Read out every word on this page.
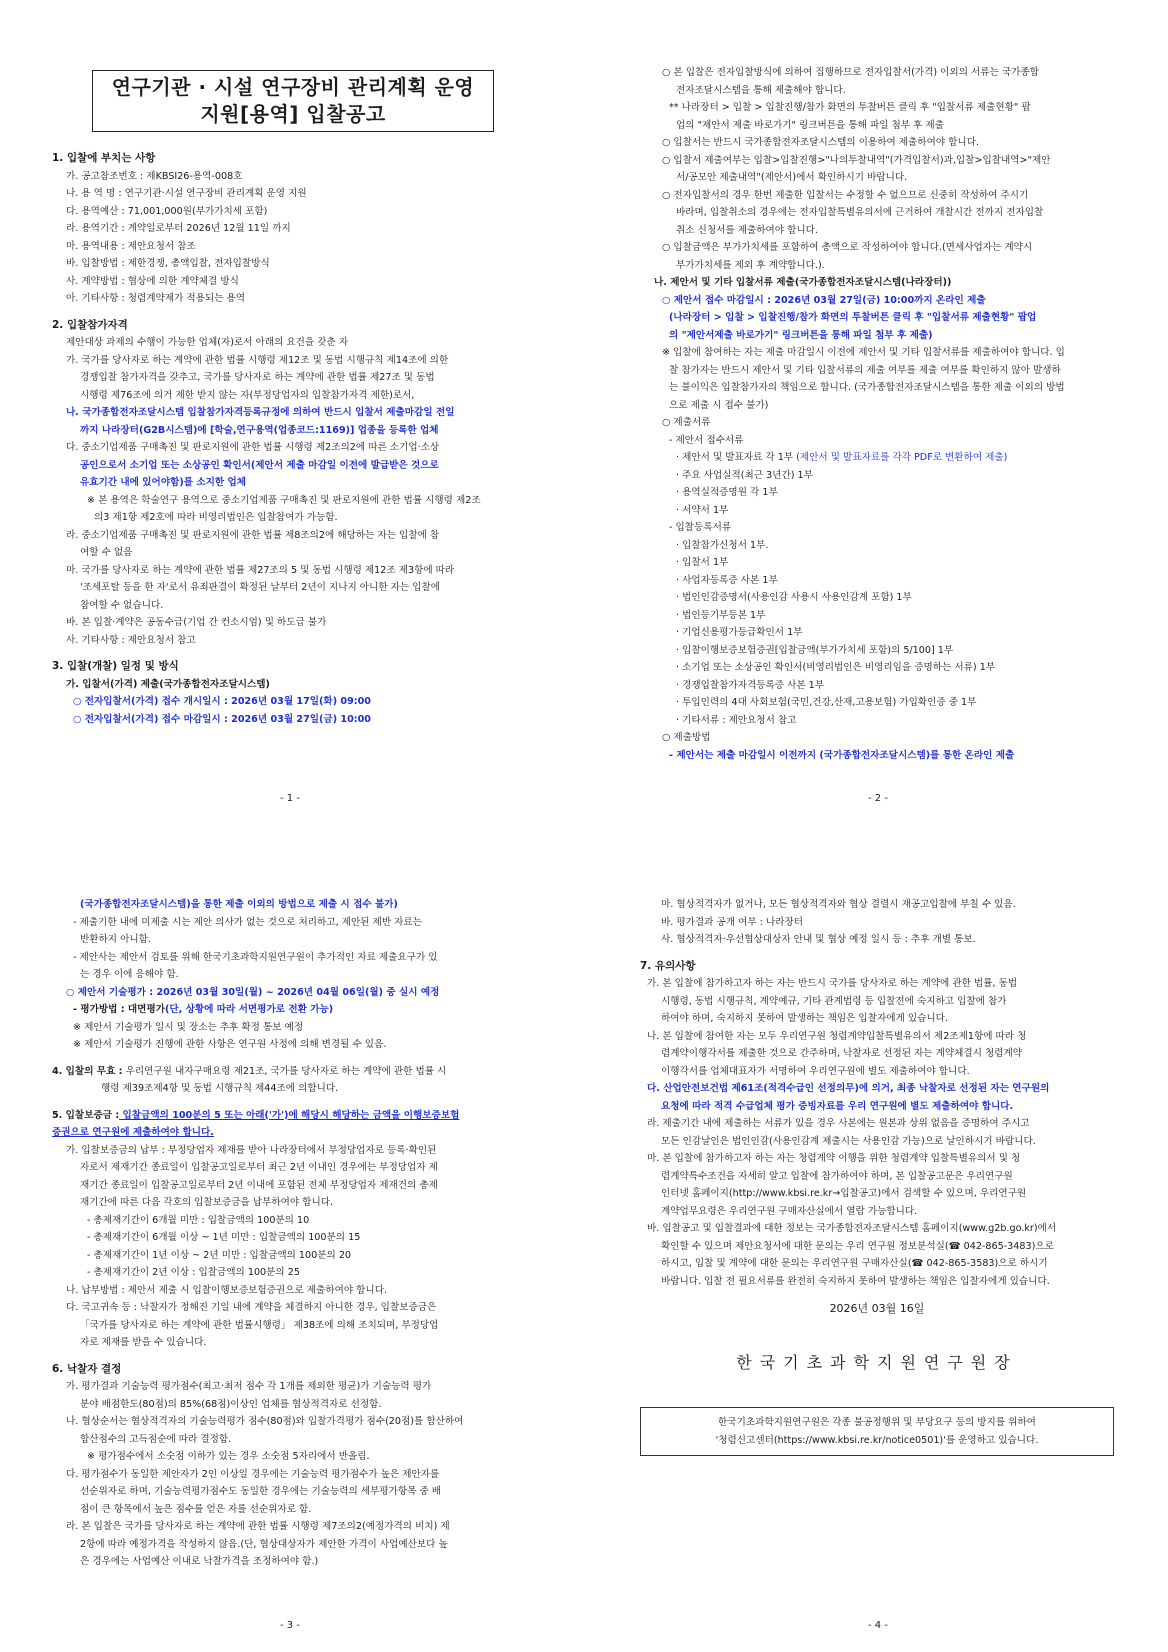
연구기관 · 시설 연구장비 관리계획 운영
지원[용역] 입찰공고
1. 입찰에 부치는 사항
가. 공고참조번호 : 제KBSI26-용역-008호
나. 용 역 명 : 연구기관·시설 연구장비 관리계획 운영 지원
다. 용역예산 : 71,001,000원(부가가치세 포함)
라. 용역기간 : 계약일로부터 2026년 12월 11일 까지
마. 용역내용 : 제안요청서 참조
바. 입찰방법 : 제한경쟁, 총액입찰, 전자입찰방식
사. 계약방법 : 협상에 의한 계약체결 방식
아. 기타사항 : 청렴계약제가 적용되는 용역
2. 입찰참가자격
제안대상 과제의 수행이 가능한 업체(자)로서 아래의 요건을 갖춘 자
가. 국가를 당사자로 하는 계약에 관한 법률 시행령 제12조 및 동법 시행규칙 제14조에 의한
경쟁입찰 참가자격을 갖추고, 국가를 당사자로 하는 계약에 관한 법률 제27조 및 동법
시행령 제76조에 의거 제한 받지 않는 자(부정당업자의 입찰참가자격 제한)로서,
나. 국가종합전자조달시스템 입찰참가자격등록규정에 의하여 반드시 입찰서 제출마감일 전일
까지 나라장터(G2B시스템)에 [학술,연구용역(업종코드:1169)] 업종을 등록한 업체
다. 중소기업제품 구매촉진 및 판로지원에 관한 법률 시행령 제2조의2에 따른 소기업·소상
공인으로서 소기업 또는 소상공인 확인서(제안서 제출 마감일 이전에 발급받은 것으로
유효기간 내에 있어야함)를 소지한 업체
※ 본 용역은 학술연구 용역으로 중소기업제품 구매촉진 및 판로지원에 관한 법률 시행령 제2조
의3 제1항 제2호에 따라 비영리법인은 입찰참여가 가능함.
라. 중소기업제품 구매촉진 및 판로지원에 관한 법률 제8조의2에 해당하는 자는 입찰에 참
여할 수 없음
마. 국가를 당사자로 하는 계약에 관한 법률 제27조의 5 및 동법 시행령 제12조 제3항에 따라
'조세포탈 등을 한 자'로서 유죄판결이 확정된 날부터 2년이 지나지 아니한 자는 입찰에
참여할 수 없습니다.
바. 본 입찰·계약은 공동수급(기업 간 컨소시엄) 및 하도급 불가
사. 기타사항 : 제안요청서 참고
3. 입찰(개찰) 일정 및 방식
가. 입찰서(가격) 제출(국가종합전자조달시스템)
○ 전자입찰서(가격) 접수 개시일시 : 2026년 03월 17일(화) 09:00
○ 전자입찰서(가격) 접수 마감일시 : 2026년 03월 27일(금) 10:00
○ 본 입찰은 전자입찰방식에 의하여 집행하므로 전자입찰서(가격) 이외의 서류는 국가종합
전자조달시스템을 통해 제출해야 합니다.
** 나라장터 > 입찰 > 입찰진행/참가 화면의 투찰버튼 클릭 후 "입찰서류 제출현황" 팝
업의 "제안서 제출 바로가기" 링크버튼을 통해 파일 첨부 후 제출
○ 입찰서는 반드시 국가종합전자조달시스템의 이용하여 제출하여야 합니다.
○ 입찰서 제출여부는 입찰>입찰진행>"나의투찰내역"(가격입찰서)과,입찰>입찰내역>"제안
서/공모안 제출내역"(제안서)에서 확인하시기 바랍니다.
○ 전자입찰서의 경우 한번 제출한 입찰서는 수정할 수 없으므로 신중히 작성하여 주시기
바라며, 입찰취소의 경우에는 전자입찰특별유의서에 근거하여 개찰시간 전까지 전자입찰
취소 신청서를 제출하여야 합니다.
○ 입찰금액은 부가가치세를 포함하여 총액으로 작성하여야 합니다.(면세사업자는 계약시
부가가치세를 제외 후 계약합니다.).
나. 제안서 및 기타 입찰서류 제출(국가종합전자조달시스템(나라장터))
○ 제안서 접수 마감일시 : 2026년 03월 27일(금) 10:00까지 온라인 제출
(나라장터 > 입찰 > 입찰진행/참가 화면의 투찰버튼 클릭 후 "입찰서류 제출현황" 팝업
의 "제안서제출 바로가기" 링크버튼을 통해 파일 첨부 후 제출)
※ 입찰에 참여하는 자는 제출 마감일시 이전에 제안서 및 기타 입찰서류를 제출하여야 합니다. 입
찰 참가자는 반드시 제안서 및 기타 입찰서류의 제출 여부를 제출 여부를 확인하지 않아 발생하
는 불이익은 입찰참가자의 책임으로 합니다. (국가종합전자조달시스템을 통한 제출 이외의 방법
으로 제출 시 접수 불가)
○ 제출서류
- 제안서 접수서류
· 제안서 및 발표자료 각 1부 (제안서 및 발표자료를 각각 PDF로 변환하여 제출)
· 주요 사업실적(최근 3년간) 1부
· 용역실적증명원 각 1부
· 서약서 1부
- 입찰등록서류
· 입찰참가신청서 1부.
· 입찰서 1부
· 사업자등록증 사본 1부
· 법인인감증명서(사용인감 사용시 사용인감계 포함) 1부
· 법인등기부등본 1부
· 기업신용평가등급확인서 1부
· 입찰이행보증보험증권[입찰금액(부가가치세 포함)의 5/100] 1부
· 소기업 또는 소상공인 확인서(비영리법인은 비영리임을 증명하는 서류) 1부
· 경쟁입찰참가자격등록증 사본 1부
· 투입인력의 4대 사회보험(국민,건강,산재,고용보험) 가입확인증 중 1부
· 기타서류 : 제안요청서 참고
○ 제출방법
- 제안서는 제출 마감일시 이전까지 (국가종합전자조달시스템)를 통한 온라인 제출
(국가종합전자조달시스템)을 통한 제출 이외의 방법으로 제출 시 접수 불가)
- 제출기한 내에 미제출 시는 제안 의사가 없는 것으로 처리하고, 제안된 제반 자료는
반환하지 아니함.
- 제안사는 제안서 검토를 위해 한국기초과학지원연구원이 추가적인 자료 제출요구가 있
는 경우 이에 응해야 함.
○ 제안서 기술평가 : 2026년 03월 30일(월) ~ 2026년 04월 06일(월) 중 실시 예정
- 평가방법 : 대면평가(단, 상황에 따라 서면평가로 전환 가능)
※ 제안서 기술평가 일시 및 장소는 추후 확정 통보 예정
※ 제안서 기술평가 진행에 관한 사항은 연구원 사정에 의해 변경될 수 있음.
4. 입찰의 무효 : 우리연구원 내자구매요령 제21조, 국가를 당사자로 하는 계약에 관한 법률 시
행령 제39조제4항 및 동법 시행규칙 제44조에 의합니다.
5. 입찰보증금 : 입찰금액의 100분의 5 또는 아래('가')에 해당시 해당하는 금액을 이행보증보험
증권으로 연구원에 제출하여야 합니다.
가. 입찰보증금의 납부 : 부정당업자 제재를 받아 나라장터에서 부정당업자로 등록·확인된
자로서 제재기간 종료일이 입찰공고일로부터 최근 2년 이내인 경우에는 부정당업자 제
재기간 종료일이 입찰공고일로부터 2년 이내에 포함된 전체 부정당업자 제재건의 총제
재기간에 따른 다음 각호의 입찰보증금을 납부하여야 합니다.
- 총제재기간이 6개월 미만 : 입찰금액의 100분의 10
- 총제재기간이 6개월 이상 ~ 1년 미만 : 입찰금액의 100분의 15
- 총제재기간이 1년 이상 ~ 2년 미만 : 입찰금액의 100분의 20
- 총제재기간이 2년 이상 : 입찰금액의 100분의 25
나. 납부방법 : 제안서 제출 시 입찰이행보증보험증권으로 제출하여야 합니다.
다. 국고귀속 등 : 낙찰자가 정해진 기일 내에 계약을 체결하지 아니한 경우, 입찰보증금은
「국가를 당사자로 하는 계약에 관한 법률시행령」 제38조에 의해 조치되며, 부정당업
자로 제재를 받을 수 있습니다.
6. 낙찰자 결정
가. 평가결과 기술능력 평가점수(최고·최저 점수 각 1개를 제외한 평균)가 기술능력 평가
분야 배점한도(80점)의 85%(68점)이상인 업체를 협상적격자로 선정함.
나. 협상순서는 협상적격자의 기술능력평가 점수(80점)와 입찰가격평가 점수(20점)를 합산하여
합산점수의 고득점순에 따라 결정함.
※ 평가점수에서 소숫점 이하가 있는 경우 소숫점 5자리에서 반올림.
다. 평가점수가 동일한 제안자가 2인 이상일 경우에는 기술능력 평가점수가 높은 제안자를
선순위자로 하며, 기술능력평가점수도 동일한 경우에는 기술능력의 세부평가항목 중 배
점이 큰 항목에서 높은 점수를 얻은 자를 선순위자로 함.
라. 본 입찰은 국가를 당사자로 하는 계약에 관한 법률 시행령 제7조의2(예정가격의 비치) 제
2항에 따라 예정가격을 작성하지 않음.(단, 협상대상자가 제안한 가격이 사업예산보다 높
은 경우에는 사업예산 이내로 낙찰가격을 조정하여야 함.)
마. 협상적격자가 없거나, 모든 협상적격자와 협상 결렬시 재공고입찰에 부칠 수 있음.
바. 평가결과 공개 여부 : 나라장터
사. 협상적격자·우선협상대상자 안내 및 협상 예정 일시 등 : 추후 개별 통보.
7. 유의사항
가. 본 입찰에 참가하고자 하는 자는 반드시 국가를 당사자로 하는 계약에 관한 법률, 동법
시행령, 동법 시행규칙, 계약예규, 기타 관계법령 등 입찰전에 숙지하고 입찰에 참가
하여야 하며, 숙지하지 못하여 발생하는 책임은 입찰자에게 있습니다.
나. 본 입찰에 참여한 자는 모두 우리연구원 청렴계약입찰특별유의서 제2조제1항에 따라 청
렴계약이행각서를 제출한 것으로 간주하며, 낙찰자로 선정된 자는 계약체결시 청렴계약
이행각서를 업체대표자가 서명하여 우리연구원에 별도 제출하여야 합니다.
다. 산업안전보건법 제61조(적격수급인 선정의무)에 의거, 최종 낙찰자로 선정된 자는 연구원의
요청에 따라 적격 수급업체 평가 증빙자료를 우리 연구원에 별도 제출하여야 합니다.
라. 제출기간 내에 제출하는 서류가 있을 경우 사본에는 원본과 상위 없음을 증명하여 주시고
모든 인감날인은 법인인감(사용인감계 제출시는 사용인감 가능)으로 날인하시기 바랍니다.
마. 본 입찰에 참가하고자 하는 자는 청렴계약 이행을 위한 청렴계약 입찰특별유의서 및 청
렴계약특수조건을 자세히 알고 입찰에 참가하여야 하며, 본 입찰공고문은 우리연구원
인터넷 홈페이지(http://www.kbsi.re.kr→입찰공고)에서 검색할 수 있으며, 우리연구원
계약업무요령은 우리연구원 구매자산실에서 열람 가능합니다.
바. 입찰공고 및 입찰결과에 대한 정보는 국가종합전자조달시스템 홈페이지(www.g2b.go.kr)에서
확인할 수 있으며 제안요청서에 대한 문의는 우리 연구원 정보분석실(☎ 042-865-3483)으로
하시고, 입찰 및 계약에 대한 문의는 우리연구원 구매자산실(☎ 042-865-3583)으로 하시기
바랍니다. 입찰 전 필요서류를 완전히 숙지하지 못하여 발생하는 책임은 입찰자에게 있습니다.
2026년 03월 16일
한국기초과학지원연구원장
한국기초과학지원연구원은 각종 불공정행위 및 부당요구 등의 방지를 위하여
'청렴신고센터(https://www.kbsi.re.kr/notice0501)'를 운영하고 있습니다.
- 1 -	- 2 -
- 3 -	- 4 -
